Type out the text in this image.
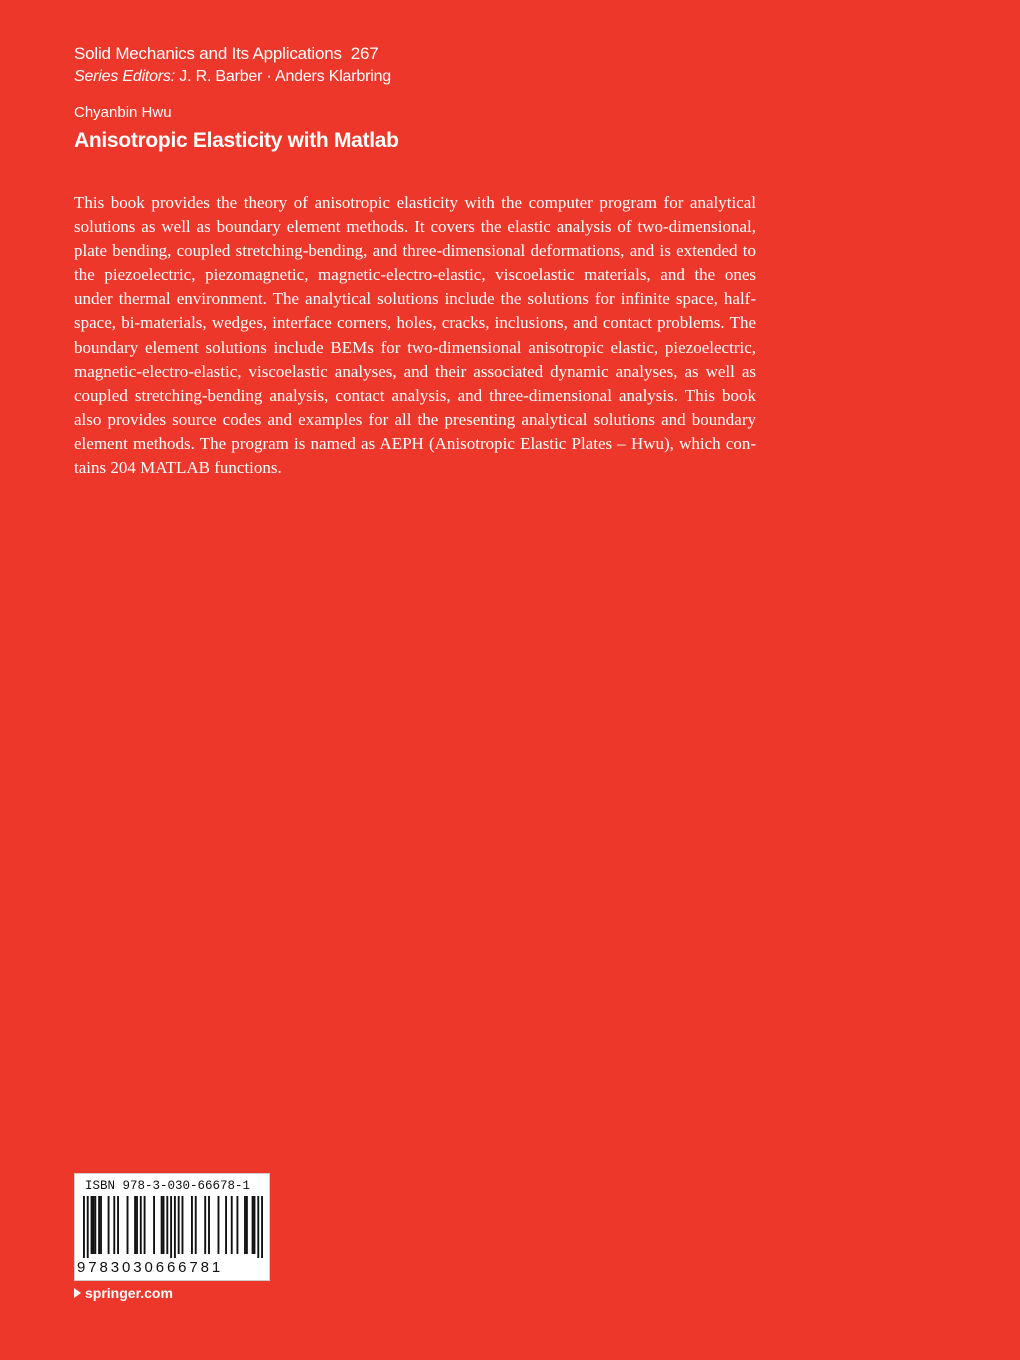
Solid Mechanics and Its Applications 267
Series Editors: J. R. Barber · Anders Klarbring
Chyanbin Hwu
Anisotropic Elasticity with Matlab

This book provides the theory of anisotropic elasticity with the computer program for analytical solutions as well as boundary element methods. It covers the elastic analysis of two-dimensional, plate bending, coupled stretching-bending, and three-dimensional deformations, and is extended to the piezoelectric, piezomagnetic, magnetic-electro-elastic, viscoelastic materials, and the ones under thermal environment. The analytical solutions include the solutions for infinite space, half-space, bi-materials, wedges, interface corners, holes, cracks, inclusions, and contact problems. The boundary element solutions include BEMs for two-dimensional anisotropic elastic, piezoelectric, magnetic-electro-elastic, viscoelastic analyses, and their associated dynamic analyses, as well as coupled stretching-bending analysis, contact analysis, and three-dimensional analysis. This book also provides source codes and examples for all the presenting analytical solutions and boundary element methods. The program is named as AEPH (Anisotropic Elastic Plates – Hwu), which contains 204 MATLAB functions.

ISBN 978-3-030-66678-1
9783030666781
springer.com
